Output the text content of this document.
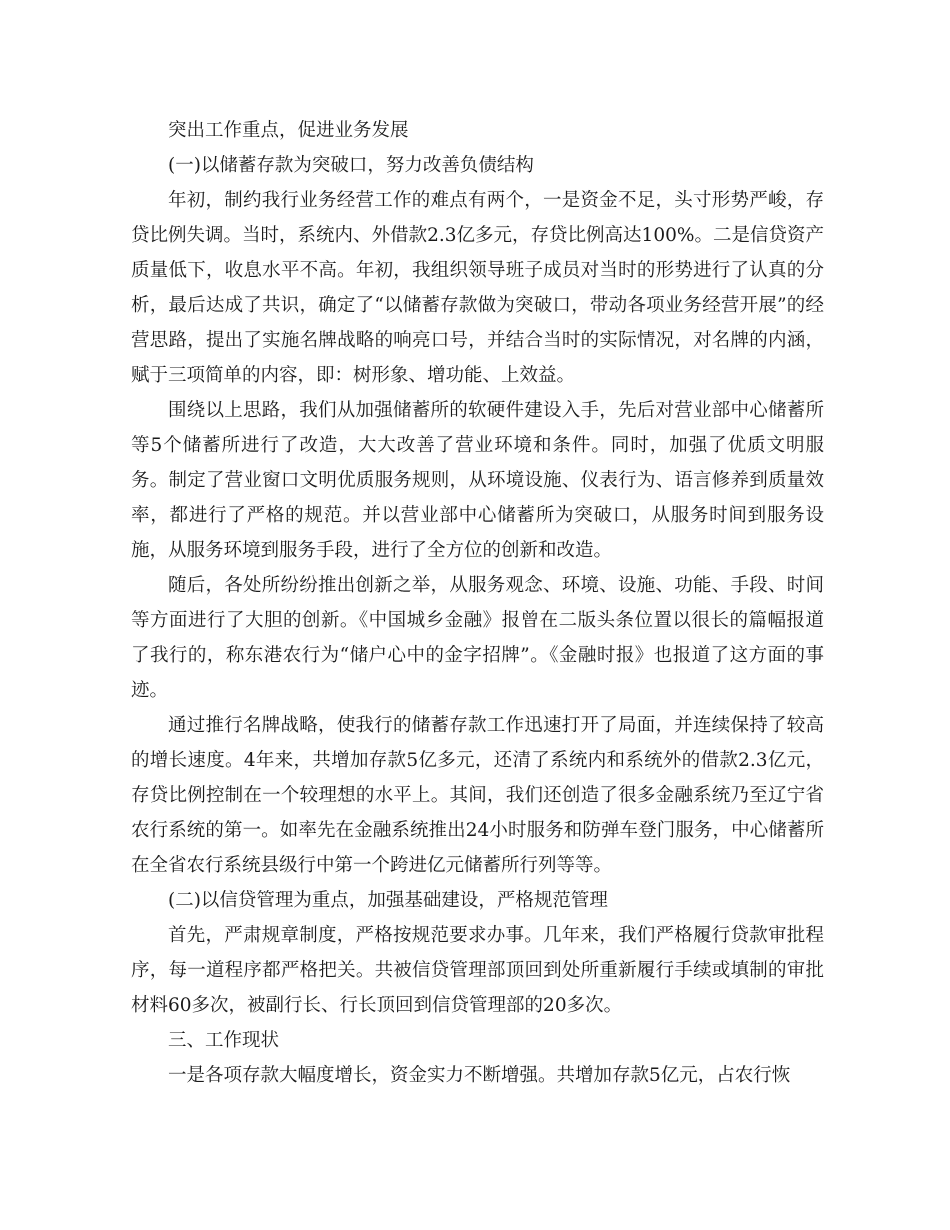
突出工作重点，促进业务发展

(一)以储蓄存款为突破口，努力改善负债结构

年初，制约我行业务经营工作的难点有两个，一是资金不足，头寸形势严峻，存贷比例失调。当时，系统内、外借款2.3亿多元，存贷比例高达100%。二是信贷资产质量低下，收息水平不高。年初，我组织领导班子成员对当时的形势进行了认真的分析，最后达成了共识，确定了“以储蓄存款做为突破口，带动各项业务经营开展”的经营思路，提出了实施名牌战略的响亮口号，并结合当时的实际情况，对名牌的内涵，赋于三项简单的内容，即：树形象、增功能、上效益。

围绕以上思路，我们从加强储蓄所的软硬件建设入手，先后对营业部中心储蓄所等5个储蓄所进行了改造，大大改善了营业环境和条件。同时，加强了优质文明服务。制定了营业窗口文明优质服务规则，从环境设施、仪表行为、语言修养到质量效率，都进行了严格的规范。并以营业部中心储蓄所为突破口，从服务时间到服务设施，从服务环境到服务手段，进行了全方位的创新和改造。

随后，各处所纷纷推出创新之举，从服务观念、环境、设施、功能、手段、时间等方面进行了大胆的创新。《中国城乡金融》报曾在二版头条位置以很长的篇幅报道了我行的，称东港农行为“储户心中的金字招牌”。《金融时报》也报道了这方面的事迹。

通过推行名牌战略，使我行的储蓄存款工作迅速打开了局面，并连续保持了较高的增长速度。4年来，共增加存款5亿多元，还清了系统内和系统外的借款2.3亿元，存贷比例控制在一个较理想的水平上。其间，我们还创造了很多金融系统乃至辽宁省农行系统的第一。如率先在金融系统推出24小时服务和防弹车登门服务，中心储蓄所在全省农行系统县级行中第一个跨进亿元储蓄所行列等等。

(二)以信贷管理为重点，加强基础建设，严格规范管理

首先，严肃规章制度，严格按规范要求办事。几年来，我们严格履行贷款审批程序，每一道程序都严格把关。共被信贷管理部顶回到处所重新履行手续或填制的审批材料60多次，被副行长、行长顶回到信贷管理部的20多次。

三、工作现状

一是各项存款大幅度增长，资金实力不断增强。共增加存款5亿元，占农行恢
